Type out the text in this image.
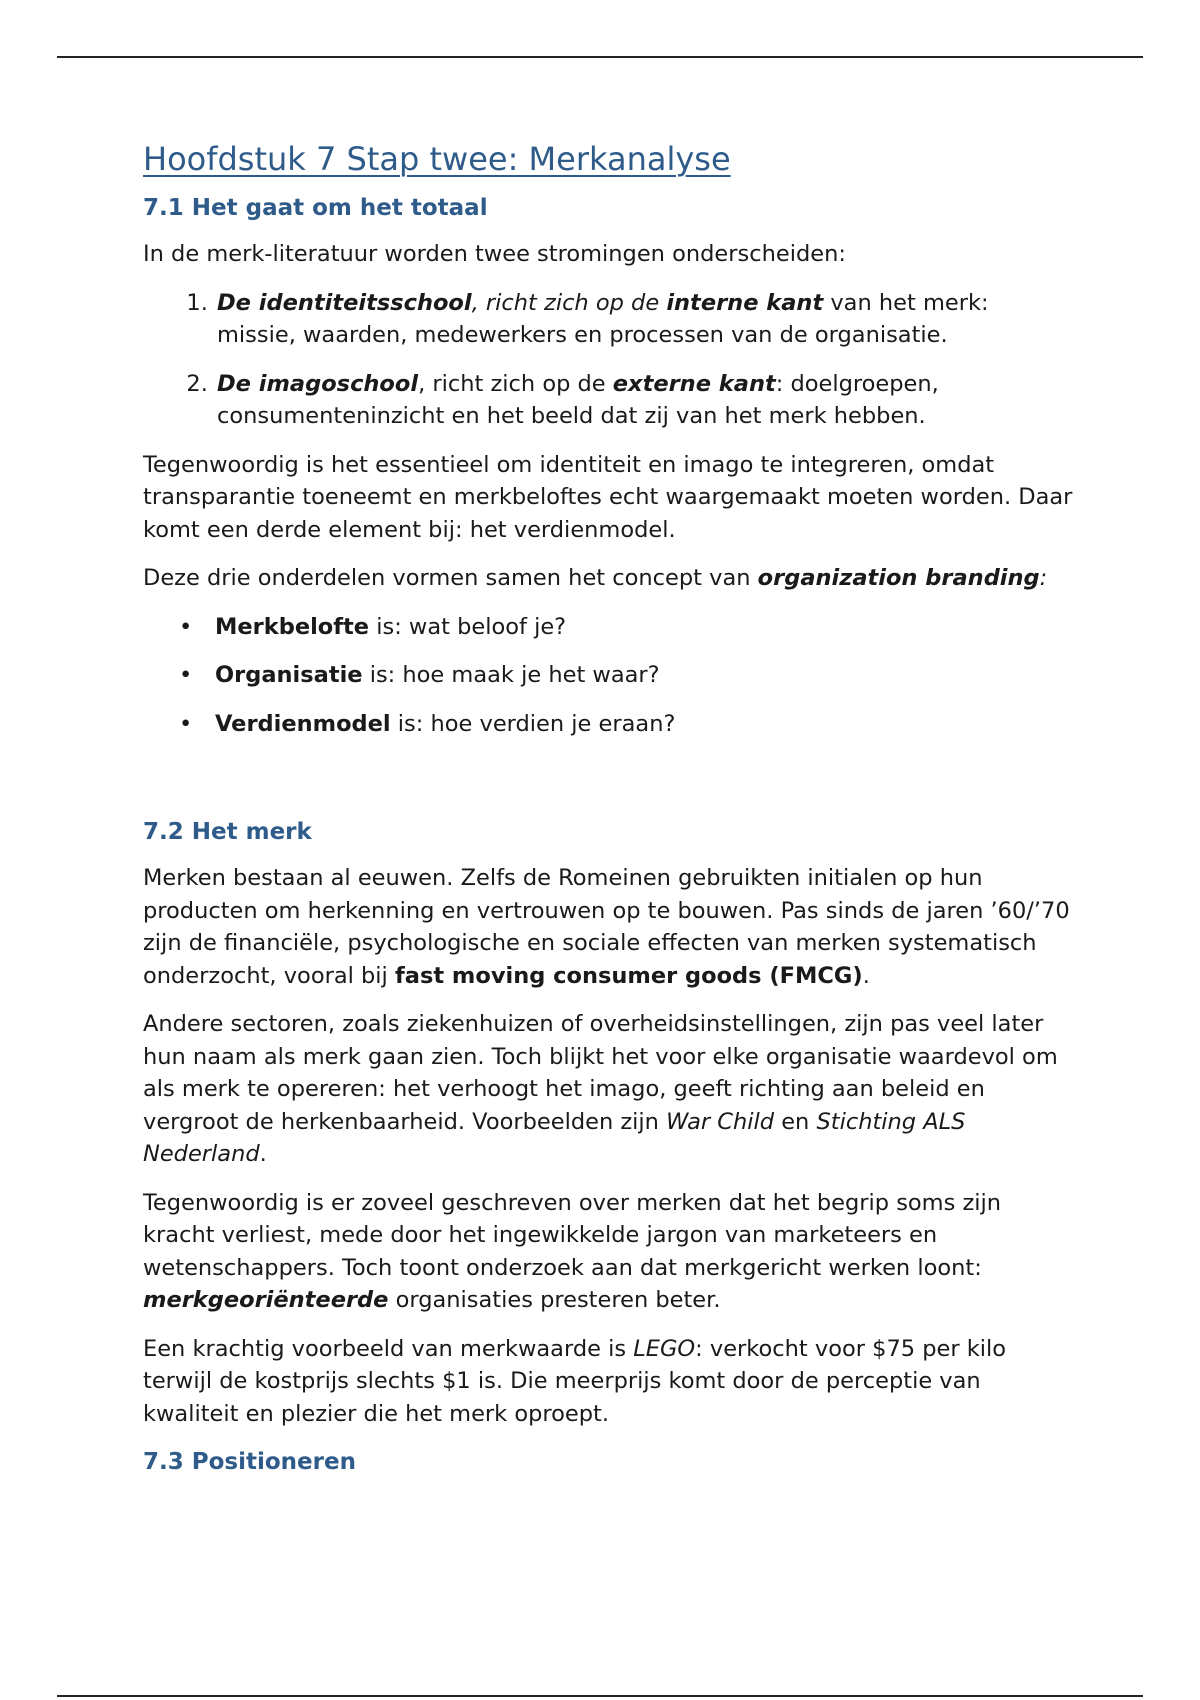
Hoofdstuk 7 Stap twee: Merkanalyse
7.1 Het gaat om het totaal
In de merk-literatuur worden twee stromingen onderscheiden:
1. De identiteitsschool, richt zich op de interne kant van het merk: missie, waarden, medewerkers en processen van de organisatie.
2. De imagoschool, richt zich op de externe kant: doelgroepen, consumenteninzicht en het beeld dat zij van het merk hebben.
Tegenwoordig is het essentieel om identiteit en imago te integreren, omdat transparantie toeneemt en merkbeloftes echt waargemaakt moeten worden. Daar komt een derde element bij: het verdienmodel.
Deze drie onderdelen vormen samen het concept van organization branding:
• Merkbelofte is: wat beloof je?
• Organisatie is: hoe maak je het waar?
• Verdienmodel is: hoe verdien je eraan?
7.2 Het merk
Merken bestaan al eeuwen. Zelfs de Romeinen gebruikten initialen op hun producten om herkenning en vertrouwen op te bouwen. Pas sinds de jaren ’60/’70 zijn de financiële, psychologische en sociale effecten van merken systematisch onderzocht, vooral bij fast moving consumer goods (FMCG).
Andere sectoren, zoals ziekenhuizen of overheidsinstellingen, zijn pas veel later hun naam als merk gaan zien. Toch blijkt het voor elke organisatie waardevol om als merk te opereren: het verhoogt het imago, geeft richting aan beleid en vergroot de herkenbaarheid. Voorbeelden zijn War Child en Stichting ALS Nederland.
Tegenwoordig is er zoveel geschreven over merken dat het begrip soms zijn kracht verliest, mede door het ingewikkelde jargon van marketeers en wetenschappers. Toch toont onderzoek aan dat merkgericht werken loont: merkgeoriënteerde organisaties presteren beter.
Een krachtig voorbeeld van merkwaarde is LEGO: verkocht voor $75 per kilo terwijl de kostprijs slechts $1 is. Die meerprijs komt door de perceptie van kwaliteit en plezier die het merk oproept.
7.3 Positioneren
